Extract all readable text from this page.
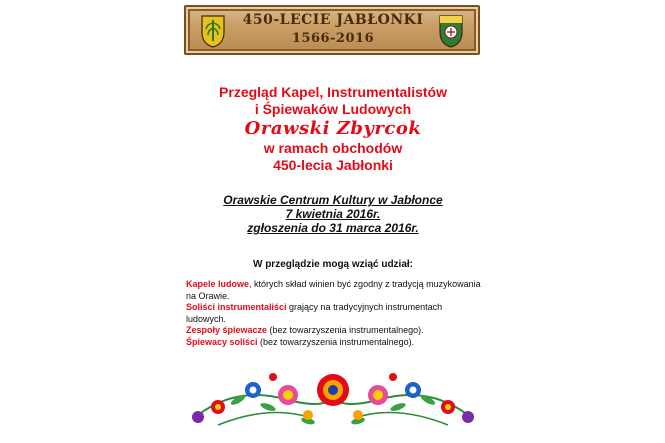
450-LECIE JABŁONKI
1566-2016
Przegląd Kapel, Instrumentalistów
i Śpiewaków Ludowych
Orawski Zbyrcok
w ramach obchodów
450-lecia Jabłonki
Orawskie Centrum Kultury w Jabłonce
7 kwietnia 2016r.
zgłoszenia do 31 marca 2016r.
W przeglądzie mogą wziąć udział:

Kapele ludowe, których skład winien być zgodny z tradycją muzykowania na Orawie.

Soliści instrumentaliści grający na tradycyjnych instrumentach ludowych.

Zespoły śpiewacze (bez towarzyszenia instrumentalnego).

Śpiewacy soliści (bez towarzyszenia instrumentalnego).
